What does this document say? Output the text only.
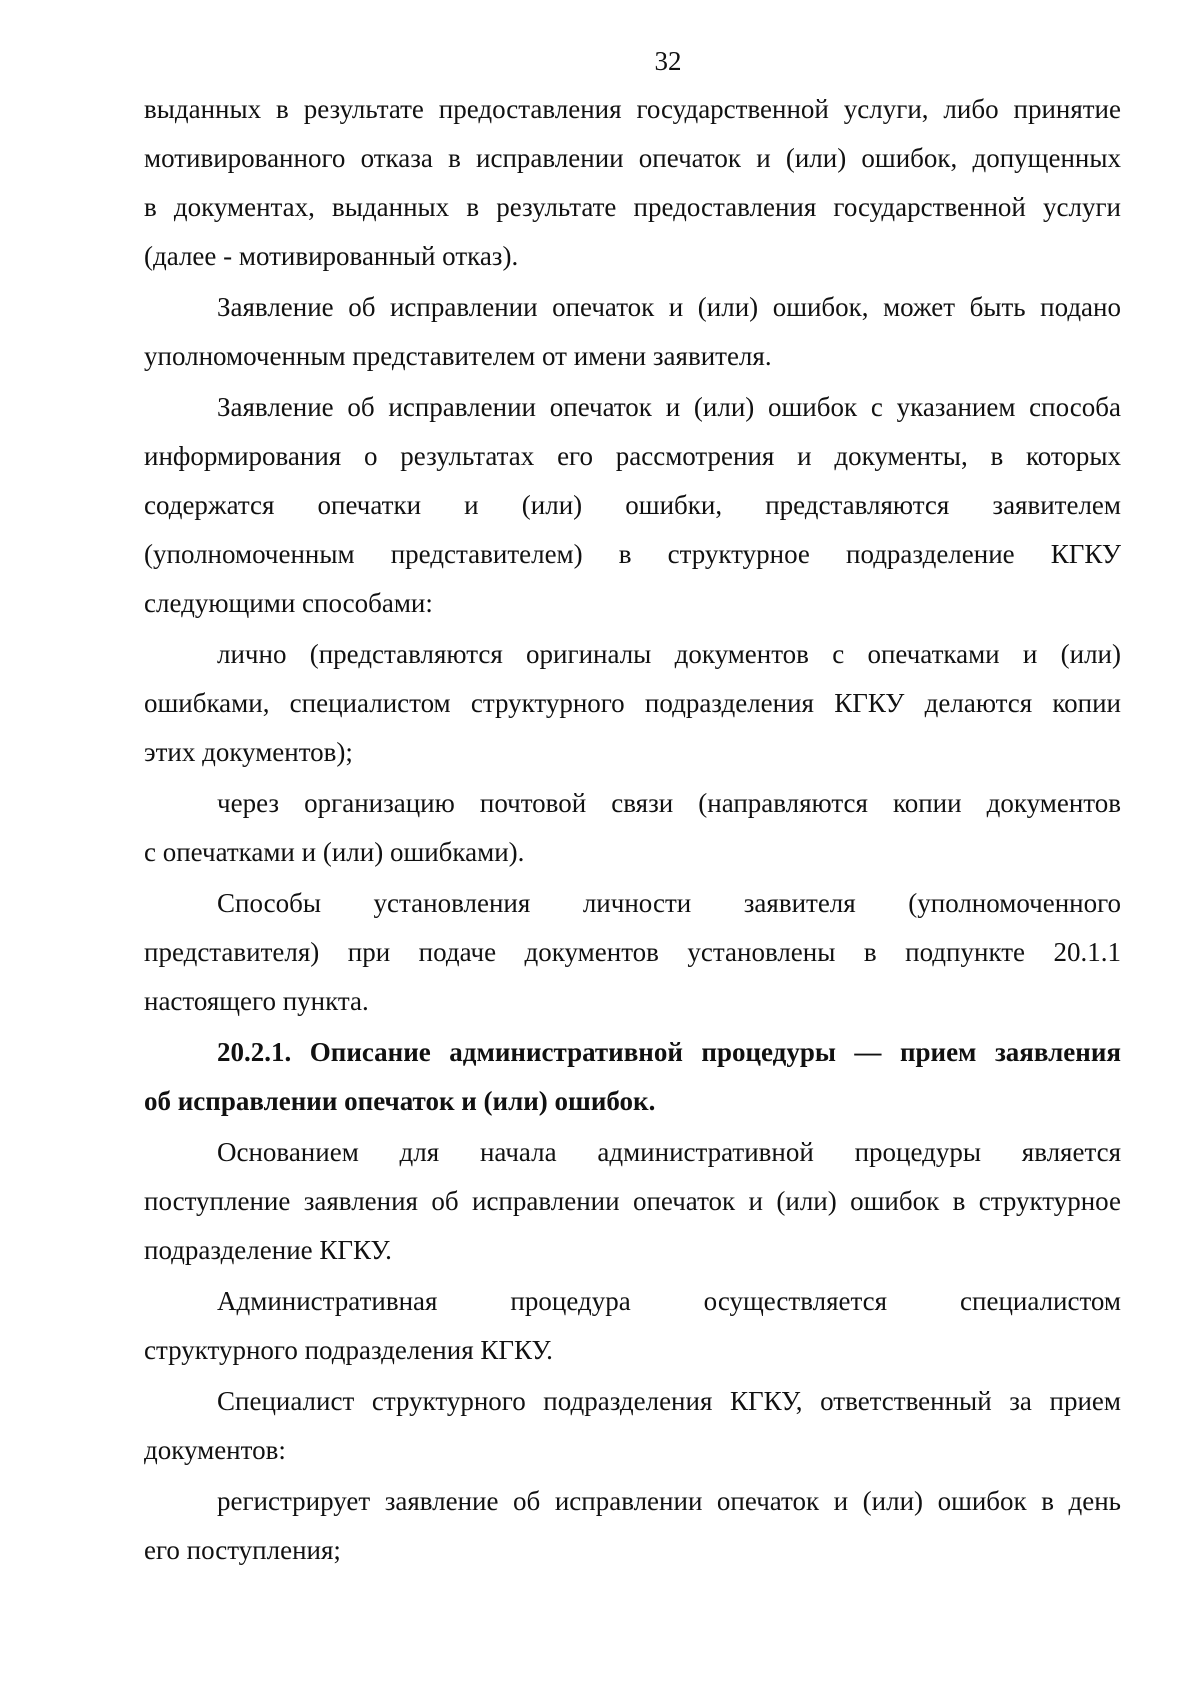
32

выданных в результате предоставления государственной услуги, либо принятие
мотивированного отказа в исправлении опечаток и (или) ошибок, допущенных
в документах, выданных в результате предоставления государственной услуги
(далее - мотивированный отказ).

Заявление об исправлении опечаток и (или) ошибок, может быть подано
уполномоченным представителем от имени заявителя.

Заявление об исправлении опечаток и (или) ошибок с указанием способа
информирования о результатах его рассмотрения и документы, в которых
содержатся опечатки и (или) ошибки, представляются заявителем
(уполномоченным представителем) в структурное подразделение КГКУ
следующими способами:

лично (представляются оригиналы документов с опечатками и (или)
ошибками, специалистом структурного подразделения КГКУ делаются копии
этих документов);

через организацию почтовой связи (направляются копии документов
с опечатками и (или) ошибками).

Способы установления личности заявителя (уполномоченного
представителя) при подаче документов установлены в подпункте 20.1.1
настоящего пункта.

20.2.1. Описание административной процедуры — прием заявления
об исправлении опечаток и (или) ошибок.

Основанием для начала административной процедуры является
поступление заявления об исправлении опечаток и (или) ошибок в структурное
подразделение КГКУ.

Административная процедура осуществляется специалистом
структурного подразделения КГКУ.

Специалист структурного подразделения КГКУ, ответственный за прием
документов:

регистрирует заявление об исправлении опечаток и (или) ошибок в день
его поступления;
